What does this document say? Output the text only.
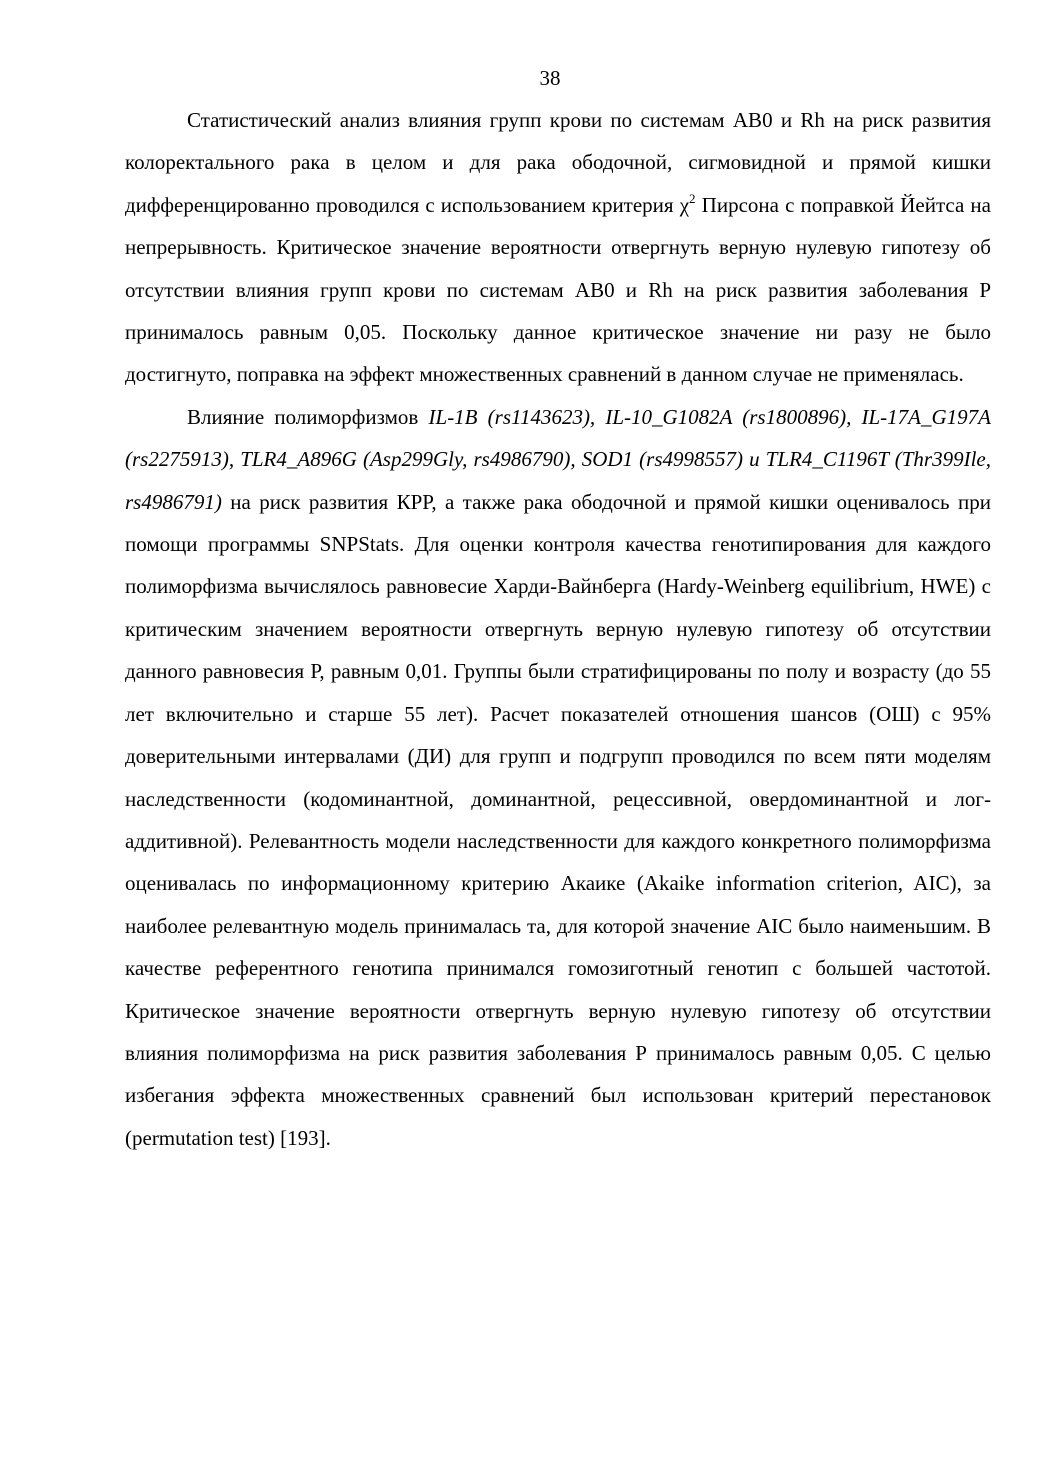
38

Статистический анализ влияния групп крови по системам АВ0 и Rh на риск развития колоректального рака в целом и для рака ободочной, сигмовидной и прямой кишки дифференцированно проводился с использованием критерия $\chi^2$ Пирсона с поправкой Йейтса на непрерывность. Критическое значение вероятности отвергнуть верную нулевую гипотезу об отсутствии влияния групп крови по системам АВ0 и Rh на риск развития заболевания Р принималось равным 0,05. Поскольку данное критическое значение ни разу не было достигнуто, поправка на эффект множественных сравнений в данном случае не применялась.

Влияние полиморфизмов IL-1B (rs1143623), IL-10_G1082A (rs1800896), IL-17A_G197A (rs2275913), TLR4_A896G (Asp299Gly, rs4986790), SOD1 (rs4998557) и TLR4_C1196T (Thr399Ile, rs4986791) на риск развития КРР, а также рака ободочной и прямой кишки оценивалось при помощи программы SNPStats. Для оценки контроля качества генотипирования для каждого полиморфизма вычислялось равновесие Харди-Вайнберга (Hardy-Weinberg equilibrium, HWE) с критическим значением вероятности отвергнуть верную нулевую гипотезу об отсутствии данного равновесия Р, равным 0,01. Группы были стратифицированы по полу и возрасту (до 55 лет включительно и старше 55 лет). Расчет показателей отношения шансов (ОШ) с 95% доверительными интервалами (ДИ) для групп и подгрупп проводился по всем пяти моделям наследственности (кодоминантной, доминантной, рецессивной, овердоминантной и лог-аддитивной). Релевантность модели наследственности для каждого конкретного полиморфизма оценивалась по информационному критерию Акаике (Akaike information criterion, AIC), за наиболее релевантную модель принималась та, для которой значение AIC было наименьшим. В качестве референтного генотипа принимался гомозиготный генотип с большей частотой. Критическое значение вероятности отвергнуть верную нулевую гипотезу об отсутствии влияния полиморфизма на риск развития заболевания Р принималось равным 0,05. С целью избегания эффекта множественных сравнений был использован критерий перестановок (permutation test) [193].
